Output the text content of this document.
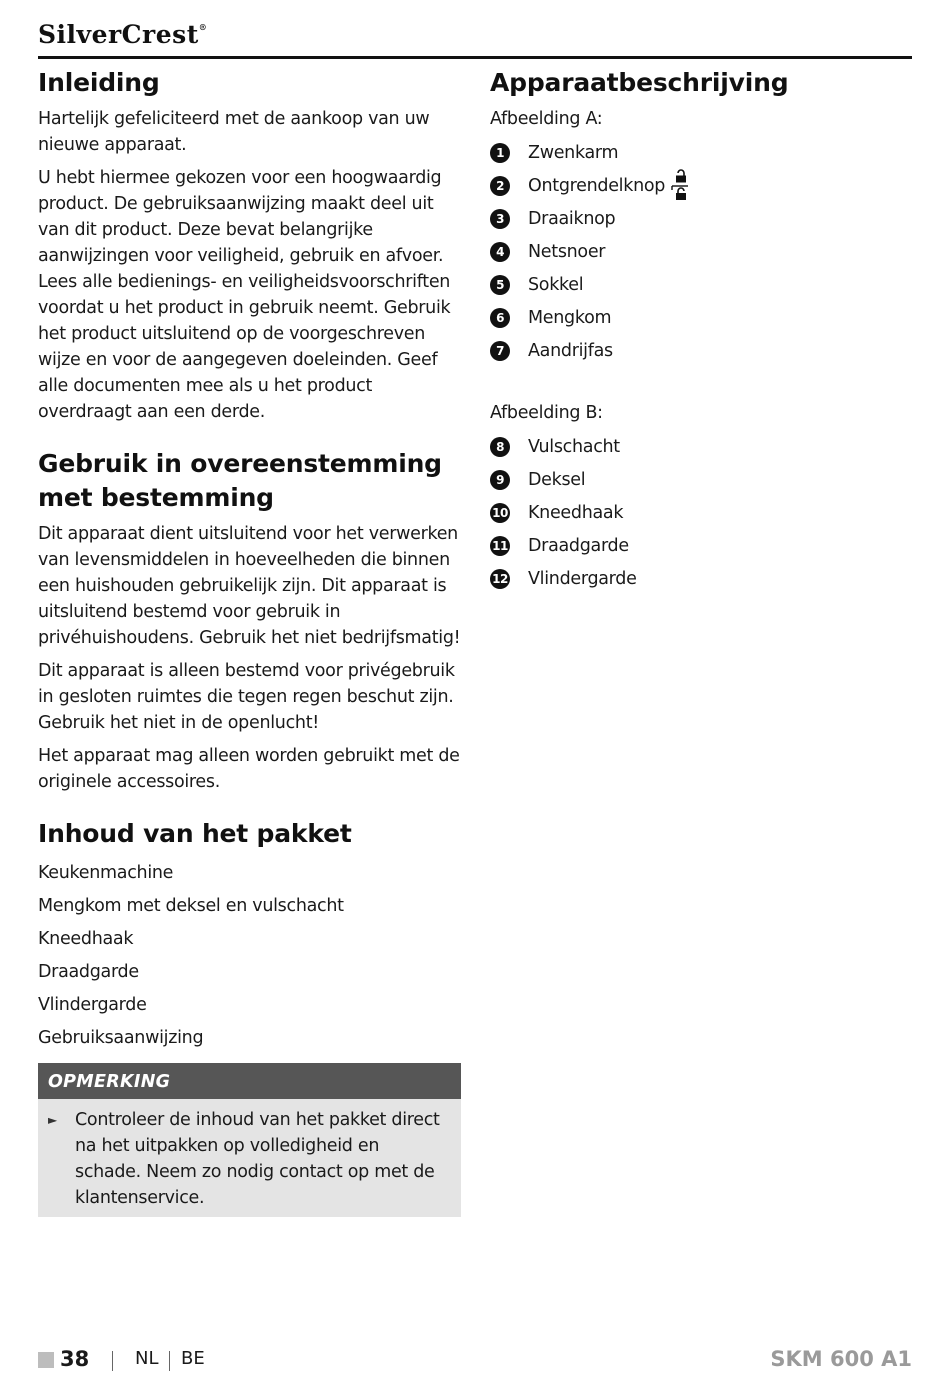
SilverCrest®
Inleiding

Hartelijk gefeliciteerd met de aankoop van uw nieuwe apparaat.

U hebt hiermee gekozen voor een hoogwaardig product. De gebruiksaanwijzing maakt deel uit van dit product. Deze bevat belangrijke aanwijzingen voor veiligheid, gebruik en afvoer. Lees alle bedienings- en veiligheidsvoorschriften voordat u het product in gebruik neemt. Gebruik het product uitsluitend op de voorgeschreven wijze en voor de aangegeven doeleinden. Geef alle documenten mee als u het product overdraagt aan een derde.

Gebruik in overeenstemming met bestemming

Dit apparaat dient uitsluitend voor het verwerken van levensmiddelen in hoeveelheden die binnen een huishouden gebruikelijk zijn. Dit apparaat is uitsluitend bestemd voor gebruik in privéhuishoudens. Gebruik het niet bedrijfsmatig!

Dit apparaat is alleen bestemd voor privégebruik in gesloten ruimtes die tegen regen beschut zijn. Gebruik het niet in de openlucht!

Het apparaat mag alleen worden gebruikt met de originele accessoires.

Inhoud van het pakket
Keukenmachine
Mengkom met deksel en vulschacht
Kneedhaak
Draadgarde
Vlindergarde
Gebruiksaanwijzing
OPMERKING
►	Controleer de inhoud van het pakket direct na het uitpakken op volledigheid en schade. Neem zo nodig contact op met de klantenservice.
Apparaatbeschrijving
Afbeelding A:
1	Zwenkarm
2	Ontgrendelknop
3	Draaiknop
4	Netsnoer
5	Sokkel
6	Mengkom
7	Aandrijfas
Afbeelding B:
8	Vulschacht
9	Deksel
10 Kneedhaak
11 Draadgarde
12 Vlindergarde
38	NL BE	SKM 600 A1
